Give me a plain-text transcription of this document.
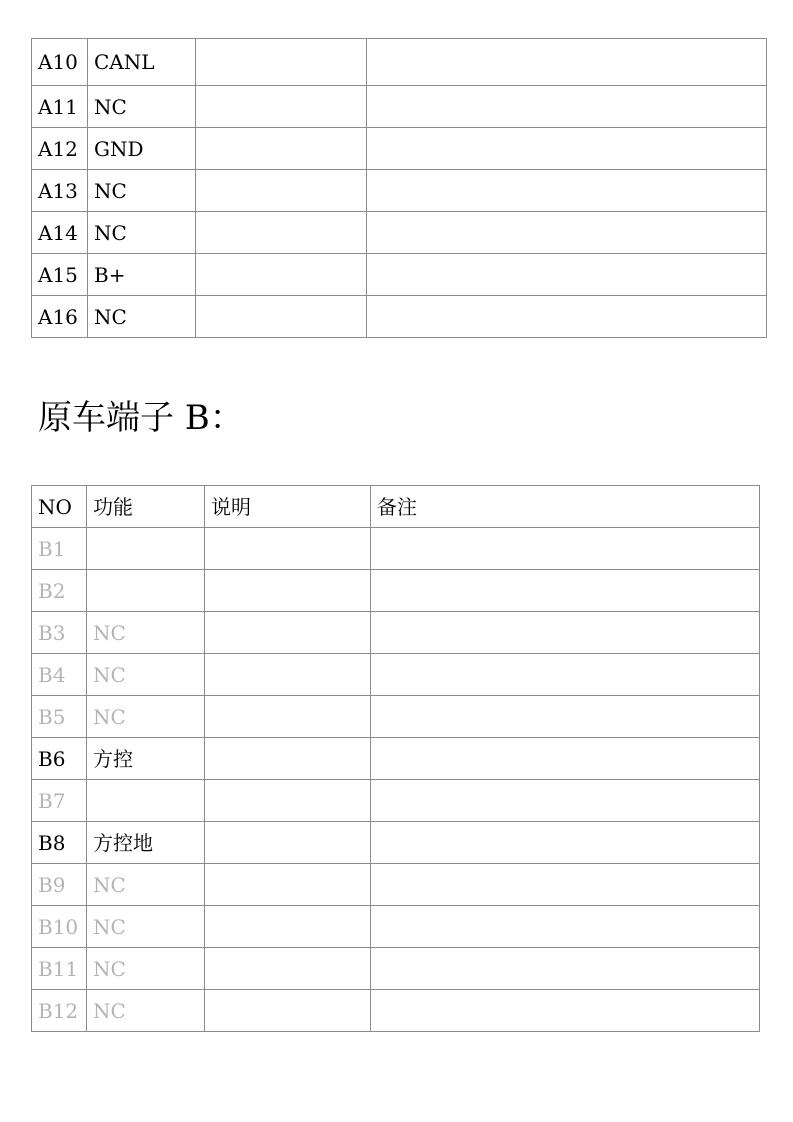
A10	CANL		
A11	NC		
A12	GND		
A13	NC		
A14	NC		
A15	B+		
A16	NC		
原车端子 B：
NO	功能	说明	备注
B1			
B2			
B3	NC		
B4	NC		
B5	NC		
B6	方控		
B7			
B8	方控地		
B9	NC		
B10	NC		
B11	NC		
B12	NC		
